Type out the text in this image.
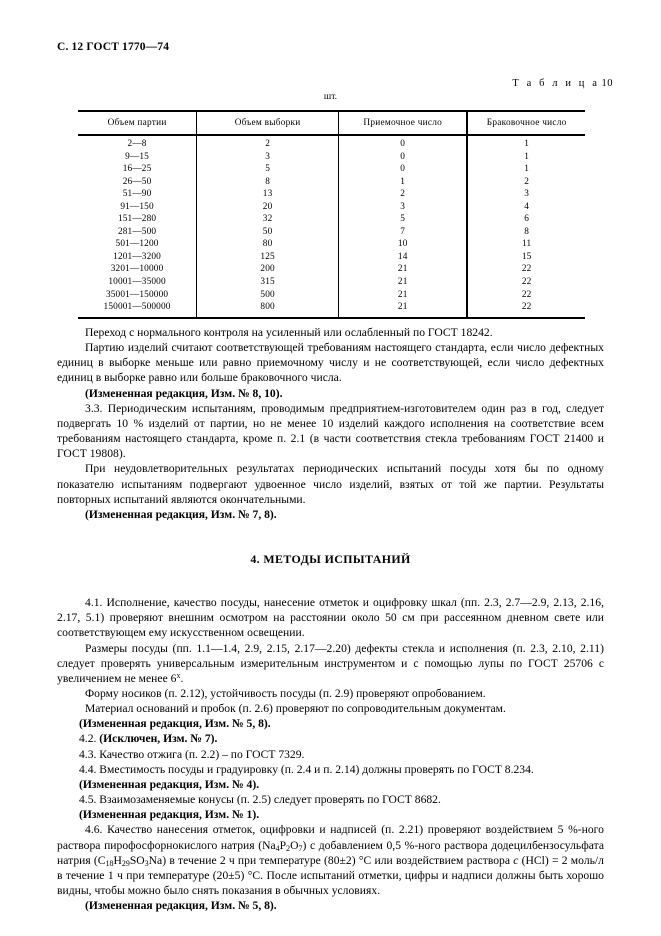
С. 12 ГОСТ 1770—74
Т а б л и ц а 10
шт.
Объем партии	Объем выборки	Приемочное число	Браковочное число
2—8	2	0	1
9—15	3	0	1
16—25	5	0	1
26—50	8	1	2
51—90	13	2	3
91—150	20	3	4
151—280	32	5	6
281—500	50	7	8
501—1200	80	10	11
1201—3200	125	14	15
3201—10000	200	21	22
10001—35000	315	21	22
35001—150000	500	21	22
150001—500000	800	21	22

Переход с нормального контроля на усиленный или ослабленный по ГОСТ 18242.

Партию изделий считают соответствующей требованиям настоящего стандарта, если число дефектных единиц в выборке меньше или равно приемочному числу и не соответствующей, если число дефектных единиц в выборке равно или больше браковочного числа.

(Измененная редакция, Изм. № 8, 10).

3.3. Периодическим испытаниям, проводимым предприятием-изготовителем один раз в год, следует подвергать 10 % изделий от партии, но не менее 10 изделий каждого исполнения на соответствие всем требованиям настоящего стандарта, кроме п. 2.1 (в части соответствия стекла требованиям ГОСТ 21400 и ГОСТ 19808).

При неудовлетворительных результатах периодических испытаний посуды хотя бы по одному показателю испытаниям подвергают удвоенное число изделий, взятых от той же партии. Результаты повторных испытаний являются окончательными.

(Измененная редакция, Изм. № 7, 8).

4. МЕТОДЫ ИСПЫТАНИЙ

4.1. Исполнение, качество посуды, нанесение отметок и оцифровку шкал (пп. 2.3, 2.7—2.9, 2.13, 2.16, 2.17, 5.1) проверяют внешним осмотром на расстоянии около 50 см при рассеянном дневном свете или соответствующем ему искусственном освещении.

Размеры посуды (пп. 1.1—1.4, 2.9, 2.15, 2.17—2.20) дефекты стекла и исполнения (п. 2.3, 2.10, 2.11) следует проверять универсальным измерительным инструментом и с помощью лупы по ГОСТ 25706 с увеличением не менее $6^х$.

Форму носиков (п. 2.12), устойчивость посуды (п. 2.9) проверяют опробованием.

Материал оснований и пробок (п. 2.6) проверяют по сопроводительным документам.

(Измененная редакция, Изм. № 5, 8).

4.2. (Исключен, Изм. № 7).

4.3. Качество отжига (п. 2.2) – по ГОСТ 7329.

4.4. Вместимость посуды и градуировку (п. 2.4 и п. 2.14) должны проверять по ГОСТ 8.234.

(Измененная редакция, Изм. № 4).

4.5. Взаимозаменяемые конусы (п. 2.5) следует проверять по ГОСТ 8682.

(Измененная редакция, Изм. № 1).

4.6. Качество нанесения отметок, оцифровки и надписей (п. 2.21) проверяют воздействием 5 %-ного раствора пирофосфорнокислого натрия $(Na_4P_2O_7)$ с добавлением 0,5 %-ного раствора додецилбензосульфата натрия $(C_{18}H_{29}SO_3Na)$ в течение 2 ч при температуре (80±2) °С или воздействием раствора c (HCl) = 2 моль/л в течение 1 ч при температуре (20±5) °С. После испытаний отметки, цифры и надписи должны быть хорошо видны, чтобы можно было снять показания в обычных условиях.

(Измененная редакция, Изм. № 5, 8).
